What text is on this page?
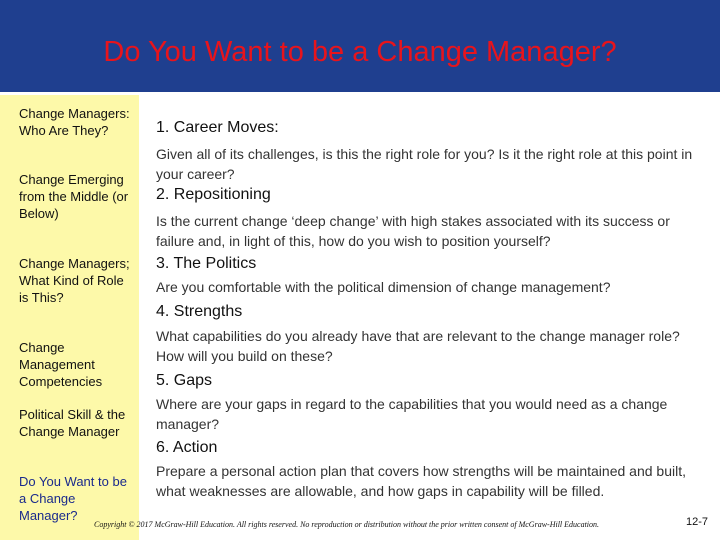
Do You Want to be a Change Manager?
Change Managers: Who Are They?
Change Emerging from the Middle (or Below)
Change Managers; What Kind of Role is This?
Change Management Competencies
Political Skill & the Change Manager
Do You Want to be a Change Manager?

1. Career Moves:

Given all of its challenges, is this the right role for you? Is it the right role at this point in your career?

2. Repositioning

Is the current change ‘deep change’ with high stakes associated with its success or failure and, in light of this, how do you wish to position yourself?

3. The Politics

Are you comfortable with the political dimension of change management?

4. Strengths

What capabilities do you already have that are relevant to the change manager role? How will you build on these?

5. Gaps

Where are your gaps in regard to the capabilities that you would need as a change manager?

6. Action

Prepare a personal action plan that covers how strengths will be maintained and built, what weaknesses are allowable, and how gaps in capability will be filled.

Copyright © 2017 McGraw-Hill Education. All rights reserved. No reproduction or distribution without the prior written consent of McGraw-Hill Education.	12-7
